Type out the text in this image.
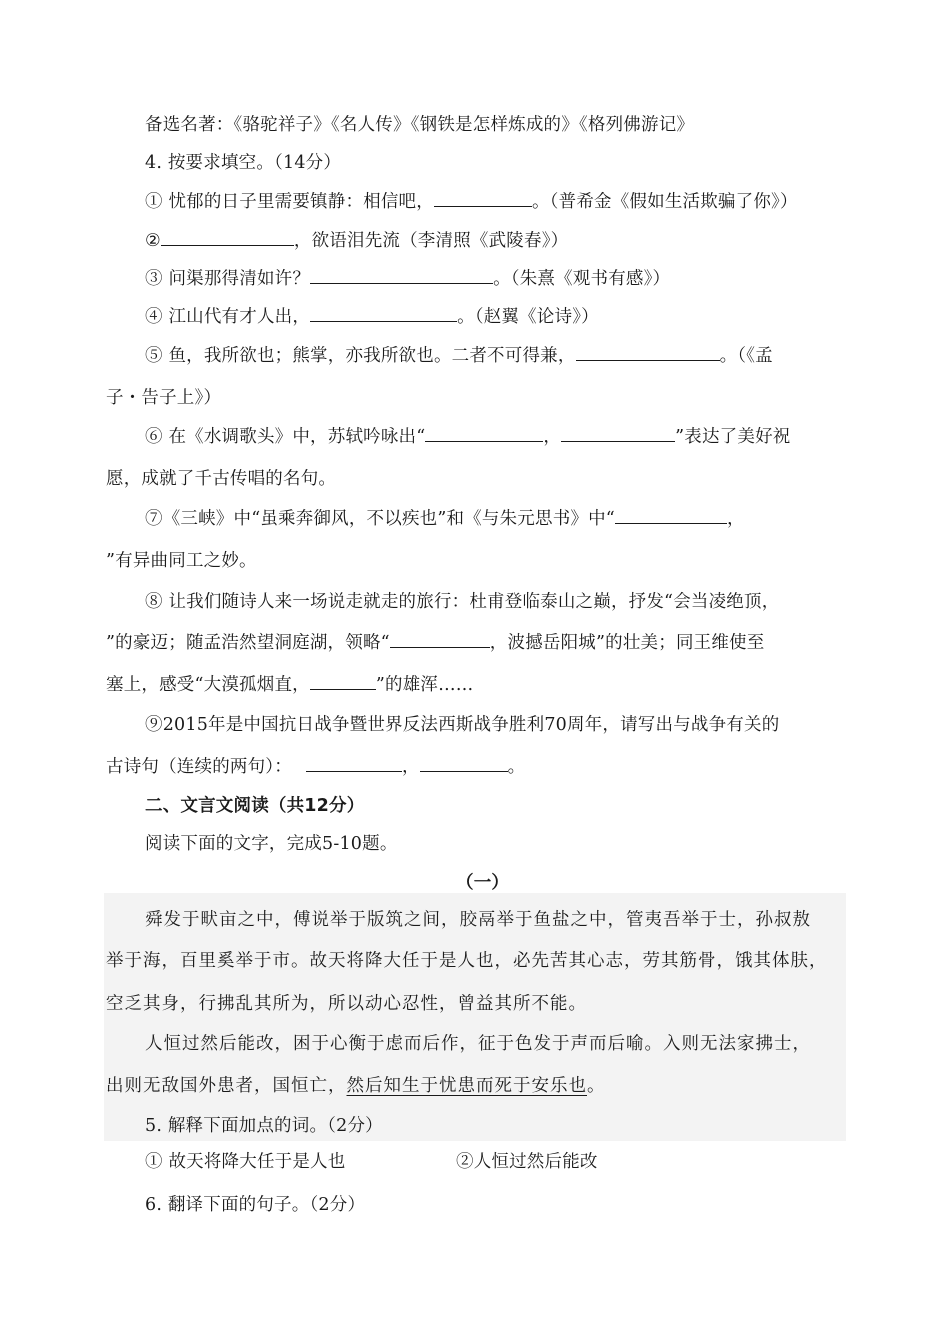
备选名著：《骆驼祥子》《名人传》《钢铁是怎样炼成的》《格列佛游记》
4. 按要求填空。（14分）
① 忧郁的日子里需要镇静：相信吧，	。（普希金《假如生活欺骗了你》）
②	，欲语泪先流（李清照《武陵春》）
③ 问渠那得清如许？	。（朱熹《观书有感》）
④ 江山代有才人出，	。（赵翼《论诗》）
⑤ 鱼，我所欲也；熊掌，亦我所欲也。二者不可得兼，	。（《孟
子・告子上》）
⑥ 在《水调歌头》中，苏轼吟咏出“	，	”表达了美好祝
愿，成就了千古传唱的名句。
⑦《三峡》中“虽乘奔御风，不以疾也”和《与朱元思书》中“	，
”有异曲同工之妙。
⑧ 让我们随诗人来一场说走就走的旅行：杜甫登临泰山之巅，抒发“会当凌绝顶，
”的豪迈；随孟浩然望洞庭湖，领略“	，波撼岳阳城”的壮美；同王维使至
塞上，感受“大漠孤烟直，	”的雄浑……
⑨2015年是中国抗日战争暨世界反法西斯战争胜利70周年，请写出与战争有关的
古诗句（连续的两句）：	，	。
二、文言文阅读（共12分）
阅读下面的文字，完成5-10题。
（一）
舜发于畎亩之中，傅说举于版筑之间，胶鬲举于鱼盐之中，管夷吾举于士，孙叔敖
举于海，百里奚举于市。故天将降大任于是人也，必先苦其心志，劳其筋骨，饿其体肤，
空乏其身，行拂乱其所为，所以动心忍性，曾益其所不能。
人恒过然后能改，困于心衡于虑而后作，征于色发于声而后喻。入则无法家拂士，
出则无敌国外患者，国恒亡，然后知生于忧患而死于安乐也。
5. 解释下面加点的词。（2分）
① 故天将降大任于是人也	②人恒过然后能改
6. 翻译下面的句子。（2分）
